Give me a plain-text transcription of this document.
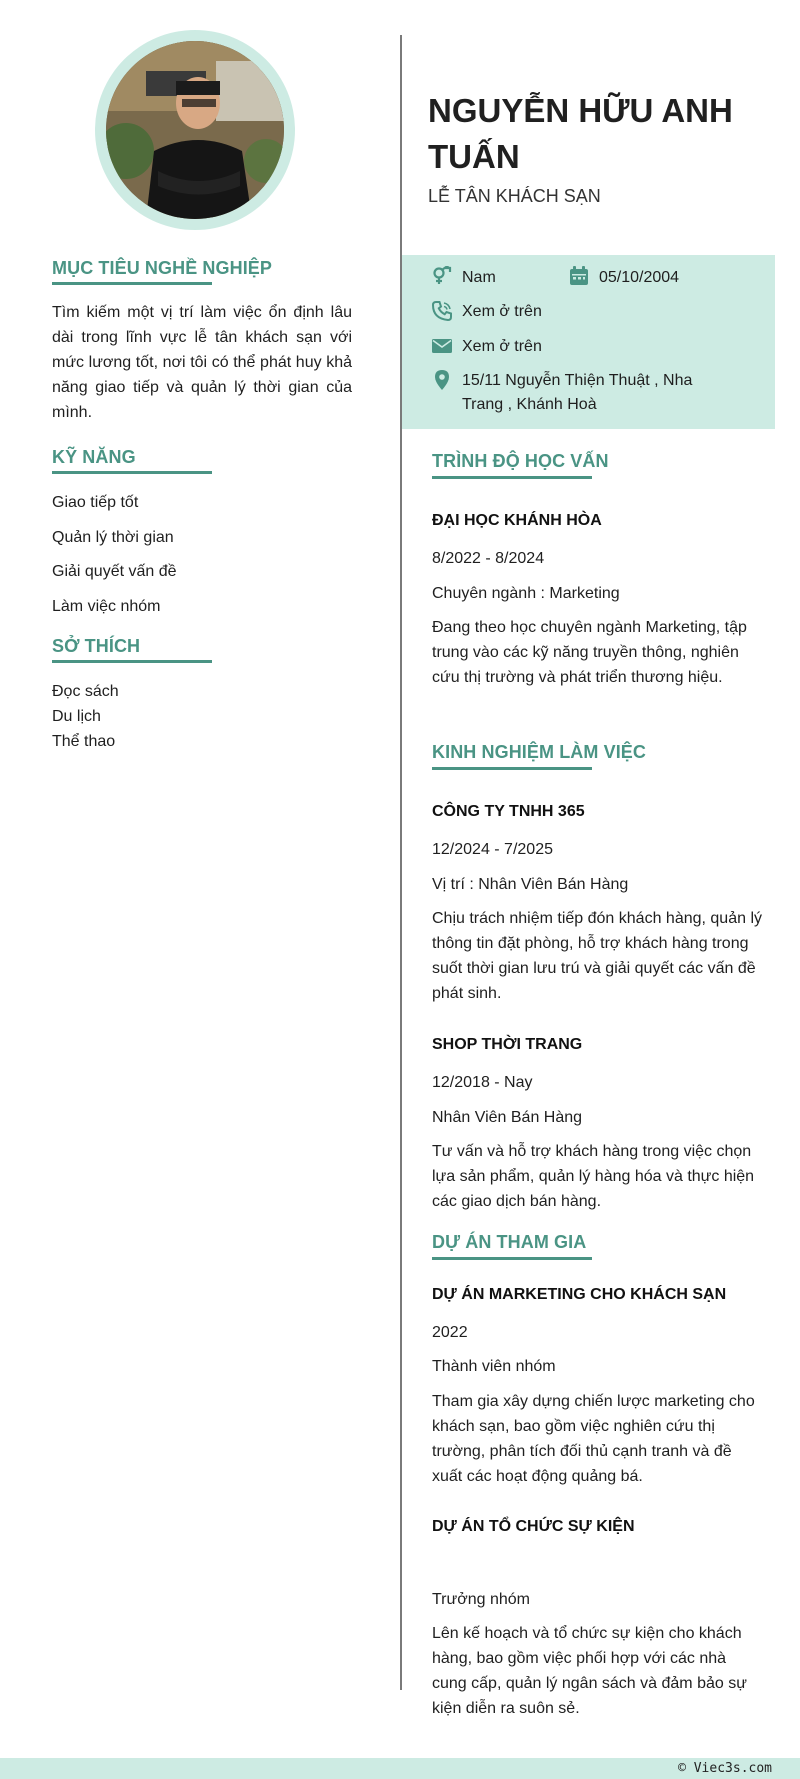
MỤC TIÊU NGHỀ NGHIỆP
Tìm kiếm một vị trí làm việc ổn định lâu dài trong lĩnh vực lễ tân khách sạn với mức lương tốt, nơi tôi có thể phát huy khả năng giao tiếp và quản lý thời gian của mình.
KỸ NĂNG
Giao tiếp tốt
Quản lý thời gian
Giải quyết vấn đề
Làm việc nhóm
SỞ THÍCH
Đọc sách
Du lịch
Thể thao
NGUYỄN HỮU ANH TUẤN
LỄ TÂN KHÁCH SẠN
Nam	05/10/2004
Xem ở trên
Xem ở trên
15/11 Nguyễn Thiện Thuật , Nha Trang , Khánh Hoà
TRÌNH ĐỘ HỌC VẤN
ĐẠI HỌC KHÁNH HÒA
8/2022 - 8/2024
Chuyên ngành : Marketing
Đang theo học chuyên ngành Marketing, tập trung vào các kỹ năng truyền thông, nghiên cứu thị trường và phát triển thương hiệu.
KINH NGHIỆM LÀM VIỆC
CÔNG TY TNHH 365
12/2024 - 7/2025
Vị trí : Nhân Viên Bán Hàng
Chịu trách nhiệm tiếp đón khách hàng, quản lý thông tin đặt phòng, hỗ trợ khách hàng trong suốt thời gian lưu trú và giải quyết các vấn đề phát sinh.
SHOP THỜI TRANG
12/2018 - Nay
Nhân Viên Bán Hàng
Tư vấn và hỗ trợ khách hàng trong việc chọn lựa sản phẩm, quản lý hàng hóa và thực hiện các giao dịch bán hàng.
DỰ ÁN THAM GIA
DỰ ÁN MARKETING CHO KHÁCH SẠN
2022
Thành viên nhóm
Tham gia xây dựng chiến lược marketing cho khách sạn, bao gồm việc nghiên cứu thị trường, phân tích đối thủ cạnh tranh và đề xuất các hoạt động quảng bá.
DỰ ÁN TỔ CHỨC SỰ KIỆN
Trưởng nhóm
Lên kế hoạch và tổ chức sự kiện cho khách hàng, bao gồm việc phối hợp với các nhà cung cấp, quản lý ngân sách và đảm bảo sự kiện diễn ra suôn sẻ.
© Viec3s.com
